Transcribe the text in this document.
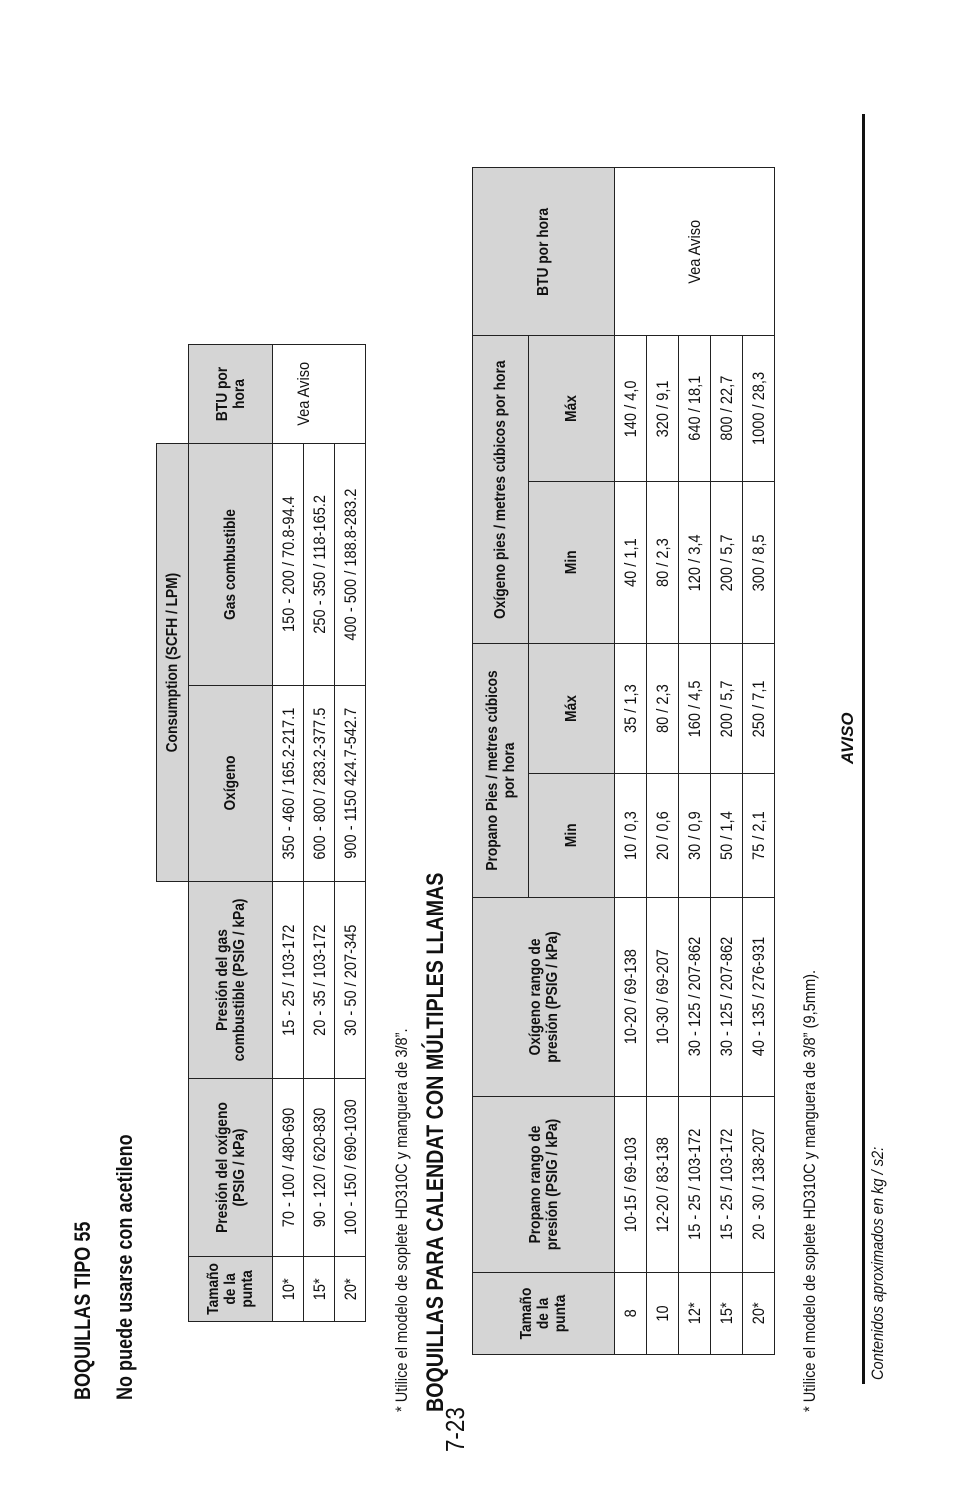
BOQUILLAS TIPO 55 No puede usarse con acetileno
			Consumption (SCFH / LPM)		
Tamaño de la punta	Presión del oxígeno (PSIG / kPa)	Presión del gas combustible (PSIG / kPa)	Oxígeno	Gas combustible	BTU por hora
10*	70 - 100 / 480-690	15 - 25 / 103-172	350 - 460 / 165.2-217.1	150 - 200 / 70.8-94.4	Vea Aviso
15*	90 - 120 / 620-830	20 - 35 / 103-172	600 - 800 / 283.2-377.5	250 - 350 / 118-165.2	
20*	100 - 150 / 690-1030	30 - 50 / 207-345	900 - 1150 424.7-542.7	400 - 500 / 188.8-283.2	
* Utilice el modelo de soplete HD310C y manguera de 3/8”. BOQUILLAS PARA CALENDAT CON MÚLTIPLES LLAMAS
7-23
Tamaño de la punta	Propano rango de presión (PSIG / kPa)	Oxígeno rango de presión (PSIG / kPa)	Propano Pies / metres cúbicos por hora		Oxígeno pies / metres cúbicos por hora		BTU por hora
			Min	Máx	Min	Máx	
8	10-15 / 69-103	10-20 / 69-138	10 / 0,3	35 / 1,3	40 / 1,1	140 / 4,0	Vea Aviso
10	12-20 / 83-138	10-30 / 69-207	20 / 0,6	80 / 2,3	80 / 2,3	320 / 9,1	
12*	15 - 25 / 103-172	30 - 125 / 207-862	30 / 0,9	160 / 4,5	120 / 3,4	640 / 18,1	
15*	15 - 25 / 103-172	30 - 125 / 207-862	50 / 1,4	200 / 5,7	200 / 5,7	800 / 22,7	
20*	20 - 30 / 138-207	40 - 135 / 276-931	75 / 2,1	250 / 7,1	300 / 8,5	1000 / 28,3	
* Utilice el modelo de soplete HD310C y manguera de 3/8” (9,5mm).
AVISO
Contenidos aproximados en kg / s2:
